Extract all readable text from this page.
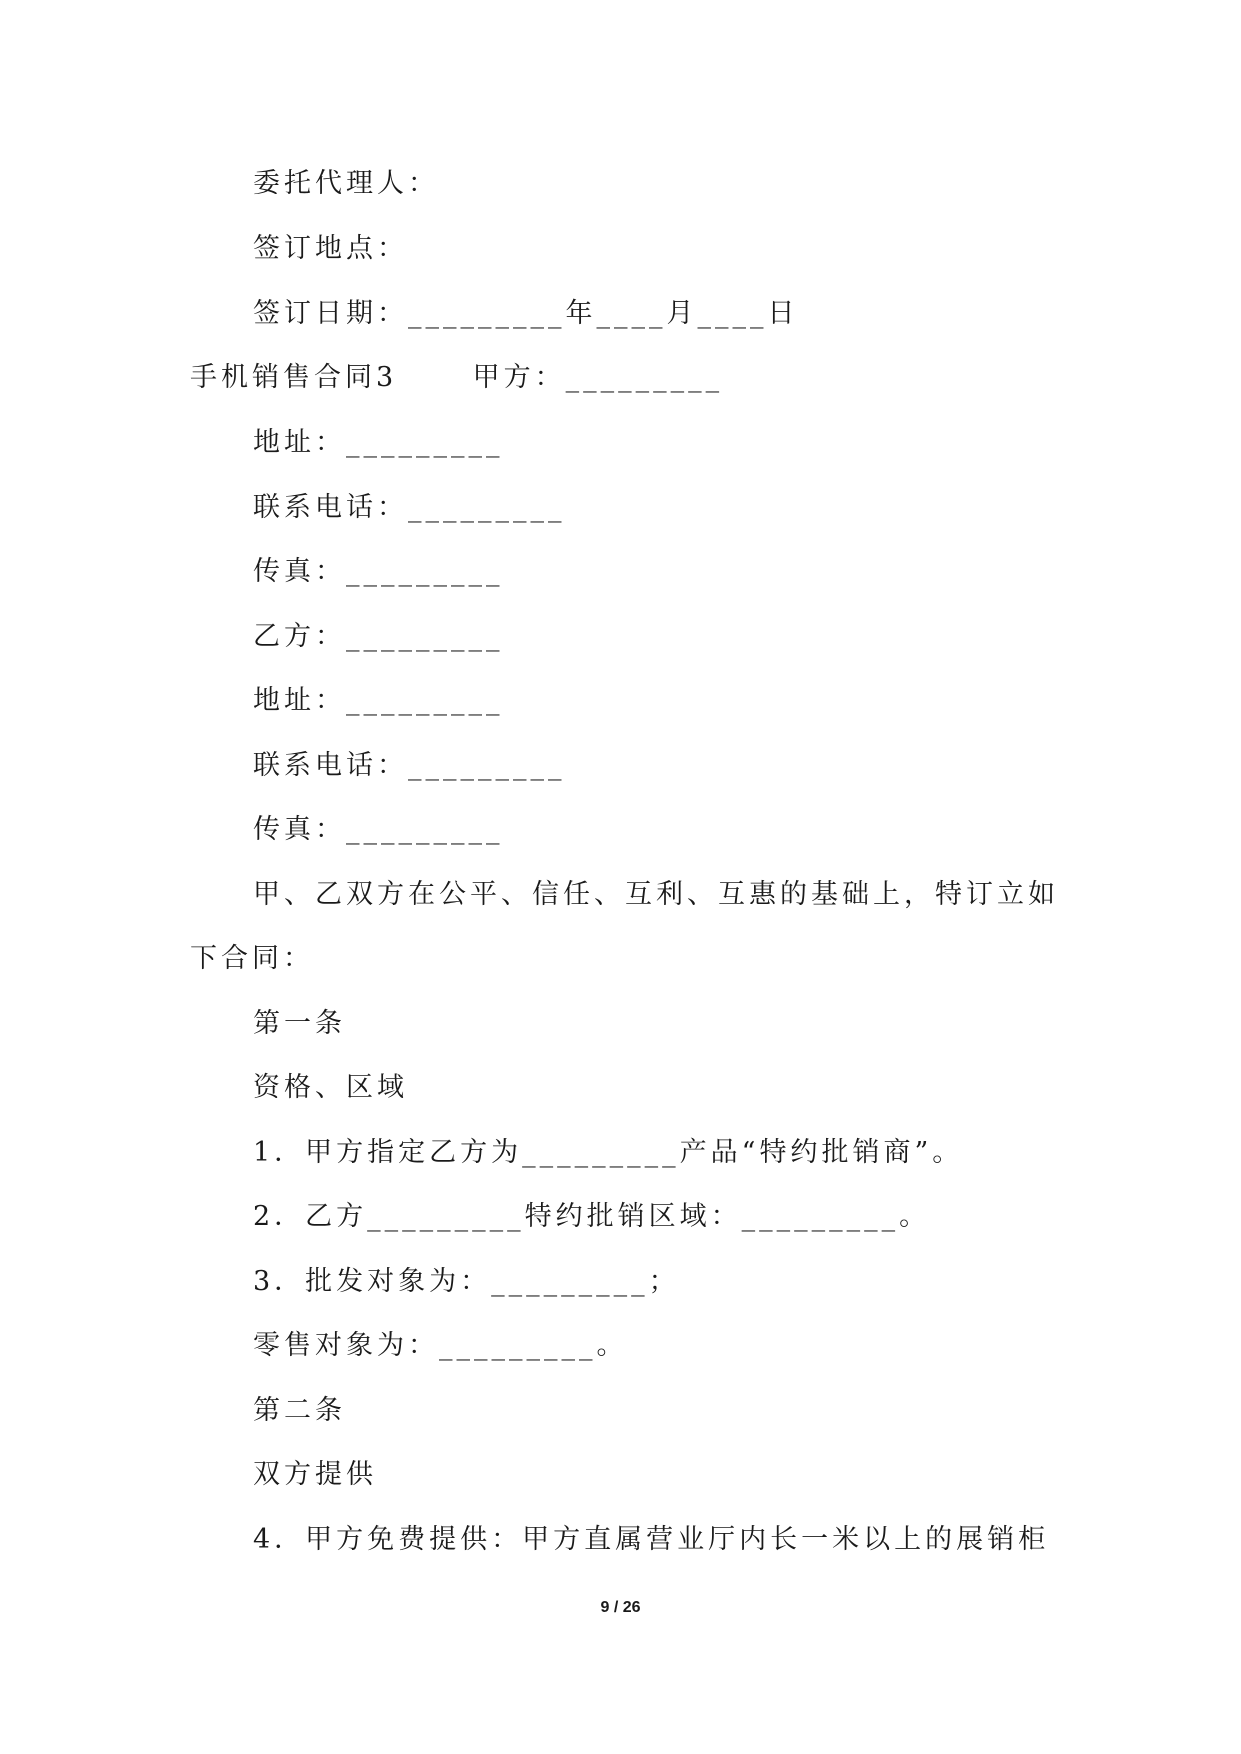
委托代理人：
签订地点：
签订日期：_________年____月____日
手机销售合同3      甲方：_________
地址：_________
联系电话：_________
传真：_________
乙方：_________
地址：_________
联系电话：_________
传真：_________
甲、乙双方在公平、信任、互利、互惠的基础上，特订立如
下合同：
第一条
资格、区域
1．甲方指定乙方为_________产品“特约批销商”。
2．乙方_________特约批销区域：_________。
3．批发对象为：_________；
零售对象为：_________。
第二条
双方提供
4．甲方免费提供：甲方直属营业厅内长一米以上的展销柜
9 / 26
